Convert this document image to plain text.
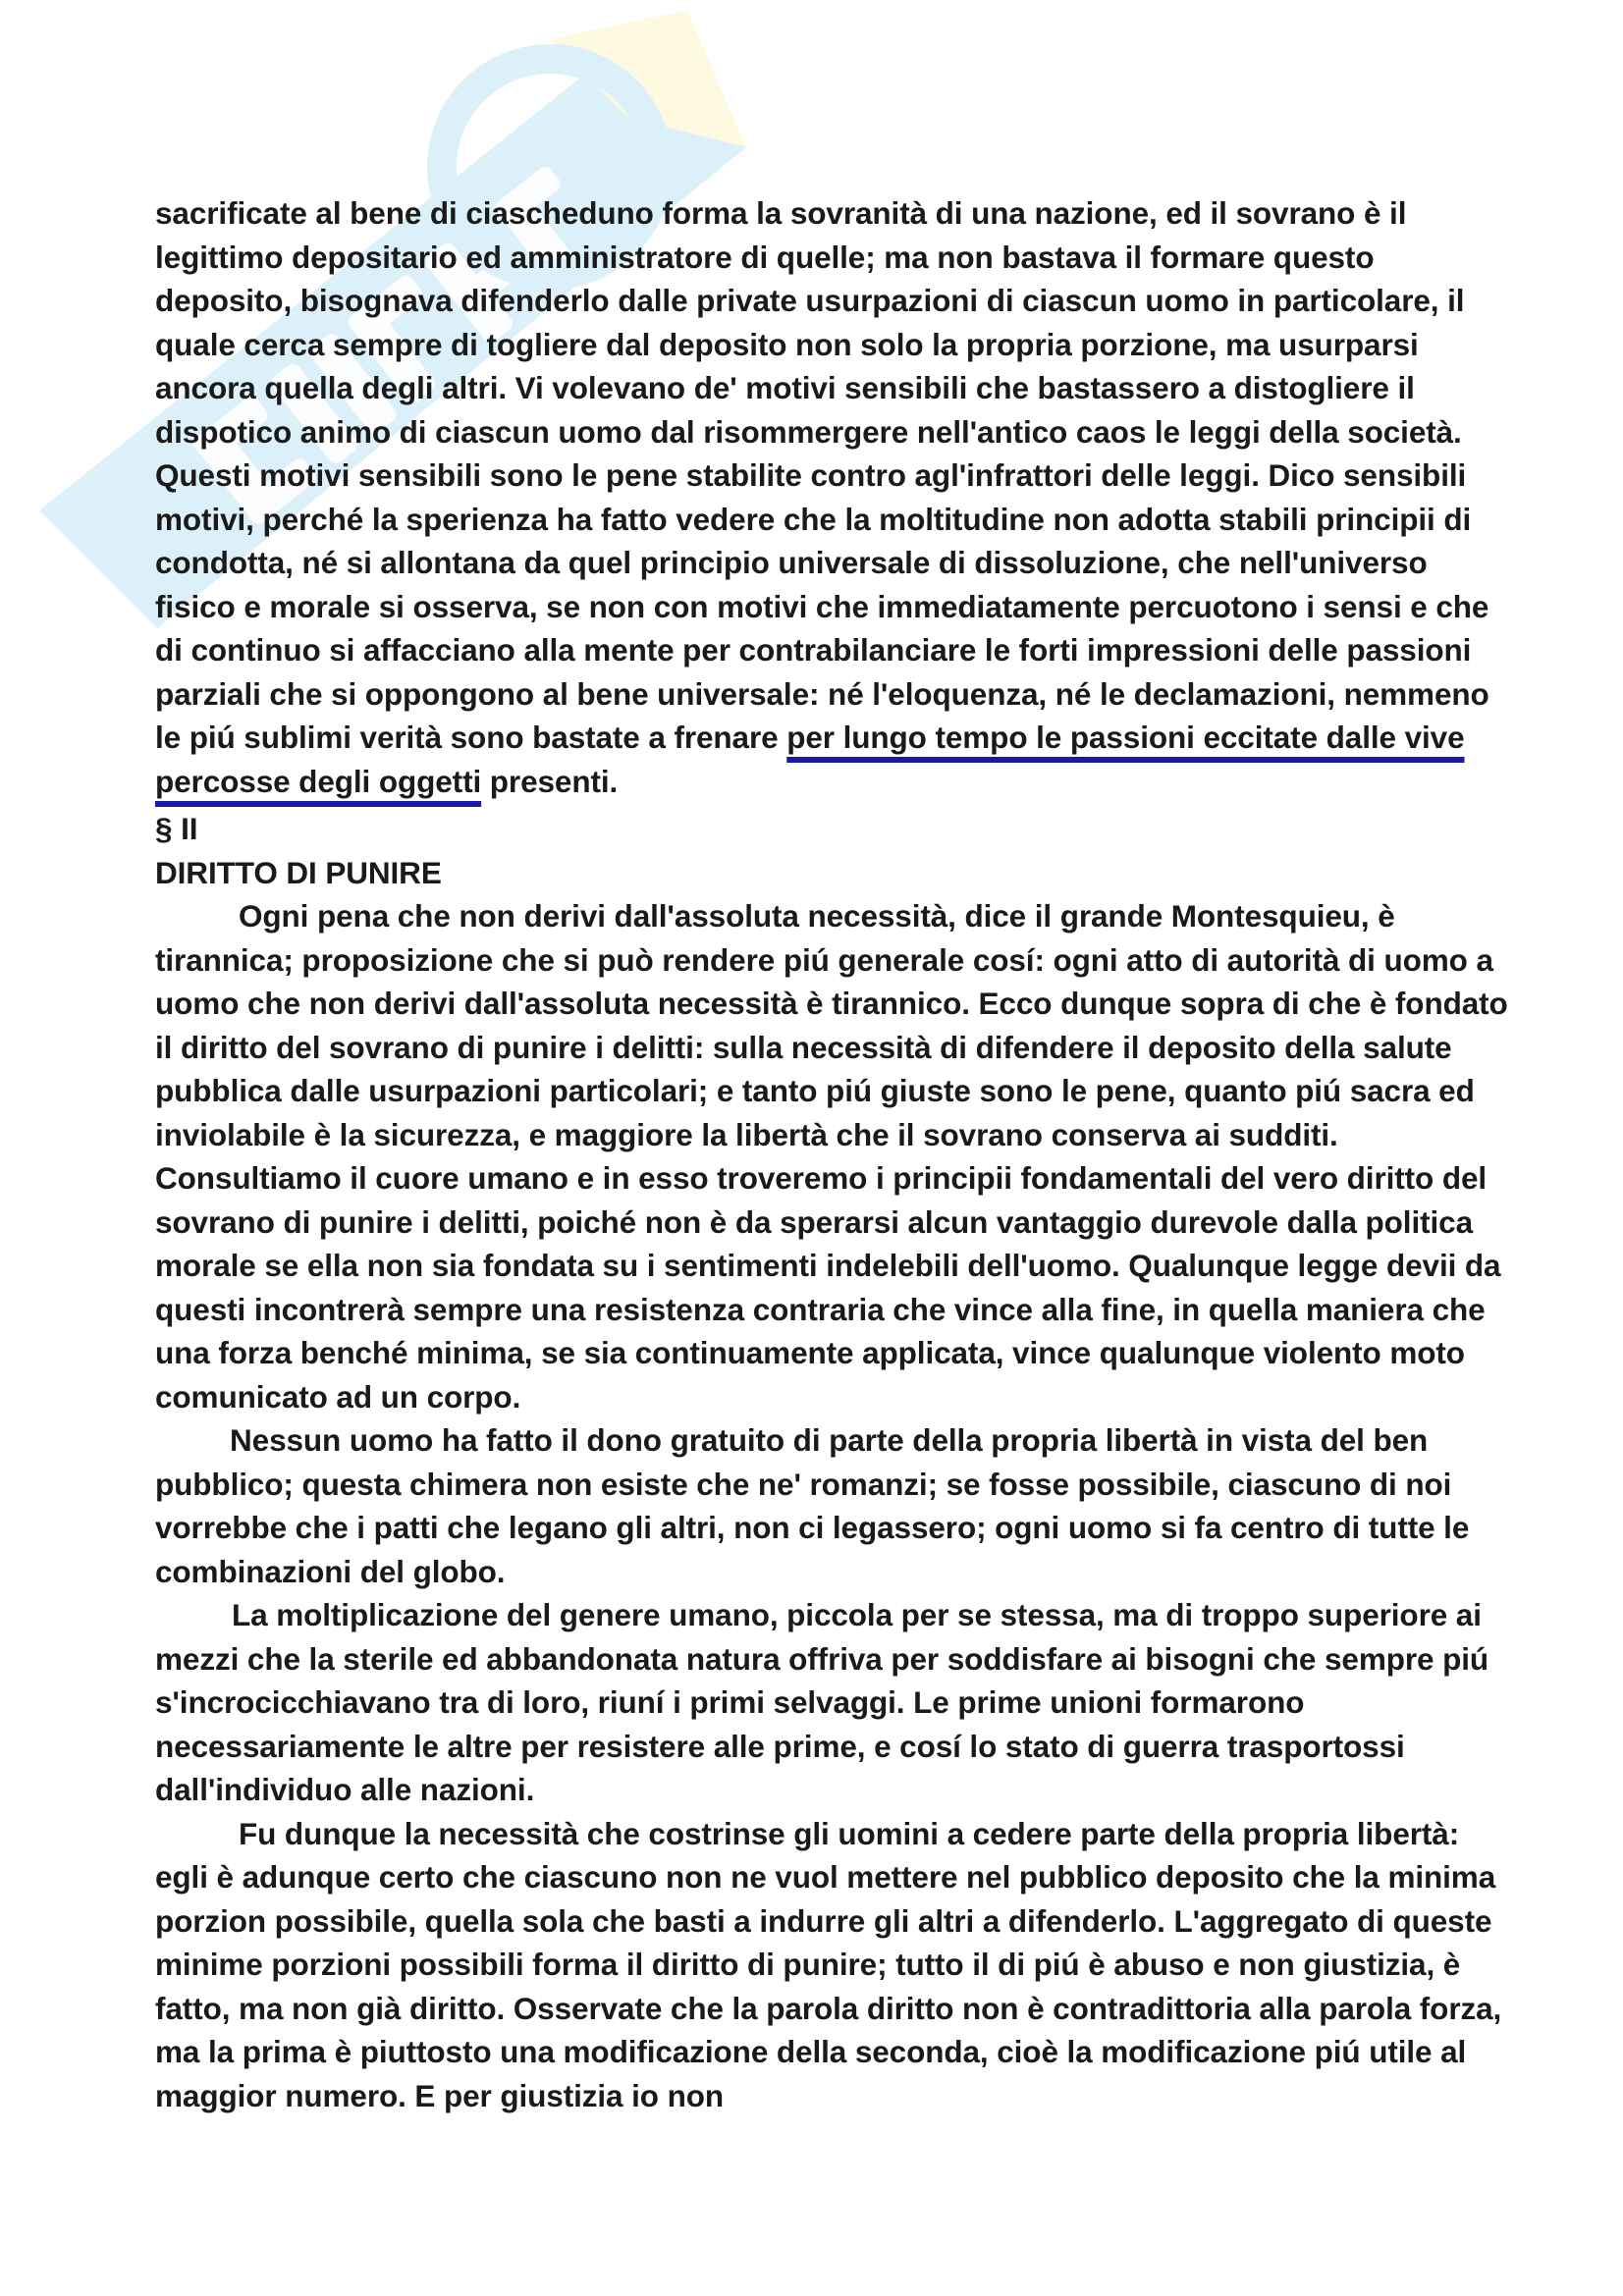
sacrificate al bene di ciascheduno forma la sovranità di una nazione, ed il sovrano è il legittimo depositario ed amministratore di quelle; ma non bastava il formare questo deposito, bisognava difenderlo dalle private usurpazioni di ciascun uomo in particolare, il quale cerca sempre di togliere dal deposito non solo la propria porzione, ma usurparsi ancora quella degli altri. Vi volevano de' motivi sensibili che bastassero a distogliere il dispotico animo di ciascun uomo dal risommergere nell'antico caos le leggi della società. Questi motivi sensibili sono le pene stabilite contro agl'infrattori delle leggi. Dico sensibili motivi, perché la sperienza ha fatto vedere che la moltitudine non adotta stabili principii di condotta, né si allontana da quel principio universale di dissoluzione, che nell'universo fisico e morale si osserva, se non con motivi che immediatamente percuotono i sensi e che di continuo si affacciano alla mente per contrabilanciare le forti impressioni delle passioni parziali che si oppongono al bene universale: né l'eloquenza, né le declamazioni, nemmeno le piú sublimi verità sono bastate a frenare per lungo tempo le passioni eccitate dalle vive percosse degli oggetti presenti.

§ II

DIRITTO DI PUNIRE

Ogni pena che non derivi dall'assoluta necessità, dice il grande Montesquieu, è tirannica; proposizione che si può rendere piú generale cosí: ogni atto di autorità di uomo a uomo che non derivi dall'assoluta necessità è tirannico. Ecco dunque sopra di che è fondato il diritto del sovrano di punire i delitti: sulla necessità di difendere il deposito della salute pubblica dalle usurpazioni particolari; e tanto piú giuste sono le pene, quanto piú sacra ed inviolabile è la sicurezza, e maggiore la libertà che il sovrano conserva ai sudditi. Consultiamo il cuore umano e in esso troveremo i principii fondamentali del vero diritto del sovrano di punire i delitti, poiché non è da sperarsi alcun vantaggio durevole dalla politica morale se ella non sia fondata su i sentimenti indelebili dell'uomo. Qualunque legge devii da questi incontrerà sempre una resistenza contraria che vince alla fine, in quella maniera che una forza benché minima, se sia continuamente applicata, vince qualunque violento moto comunicato ad un corpo.

Nessun uomo ha fatto il dono gratuito di parte della propria libertà in vista del ben pubblico; questa chimera non esiste che ne' romanzi; se fosse possibile, ciascuno di noi vorrebbe che i patti che legano gli altri, non ci legassero; ogni uomo si fa centro di tutte le combinazioni del globo.

La moltiplicazione del genere umano, piccola per se stessa, ma di troppo superiore ai mezzi che la sterile ed abbandonata natura offriva per soddisfare ai bisogni che sempre piú s'incrocicchiavano tra di loro, riuní i primi selvaggi. Le prime unioni formarono necessariamente le altre per resistere alle prime, e cosí lo stato di guerra trasportossi dall'individuo alle nazioni.

Fu dunque la necessità che costrinse gli uomini a cedere parte della propria libertà: egli è adunque certo che ciascuno non ne vuol mettere nel pubblico deposito che la minima porzion possibile, quella sola che basti a indurre gli altri a difenderlo. L'aggregato di queste minime porzioni possibili forma il diritto di punire; tutto il di piú è abuso e non giustizia, è fatto, ma non già diritto. Osservate che la parola diritto non è contradittoria alla parola forza, ma la prima è piuttosto una modificazione della seconda, cioè la modificazione piú utile al maggior numero. E per giustizia io non
